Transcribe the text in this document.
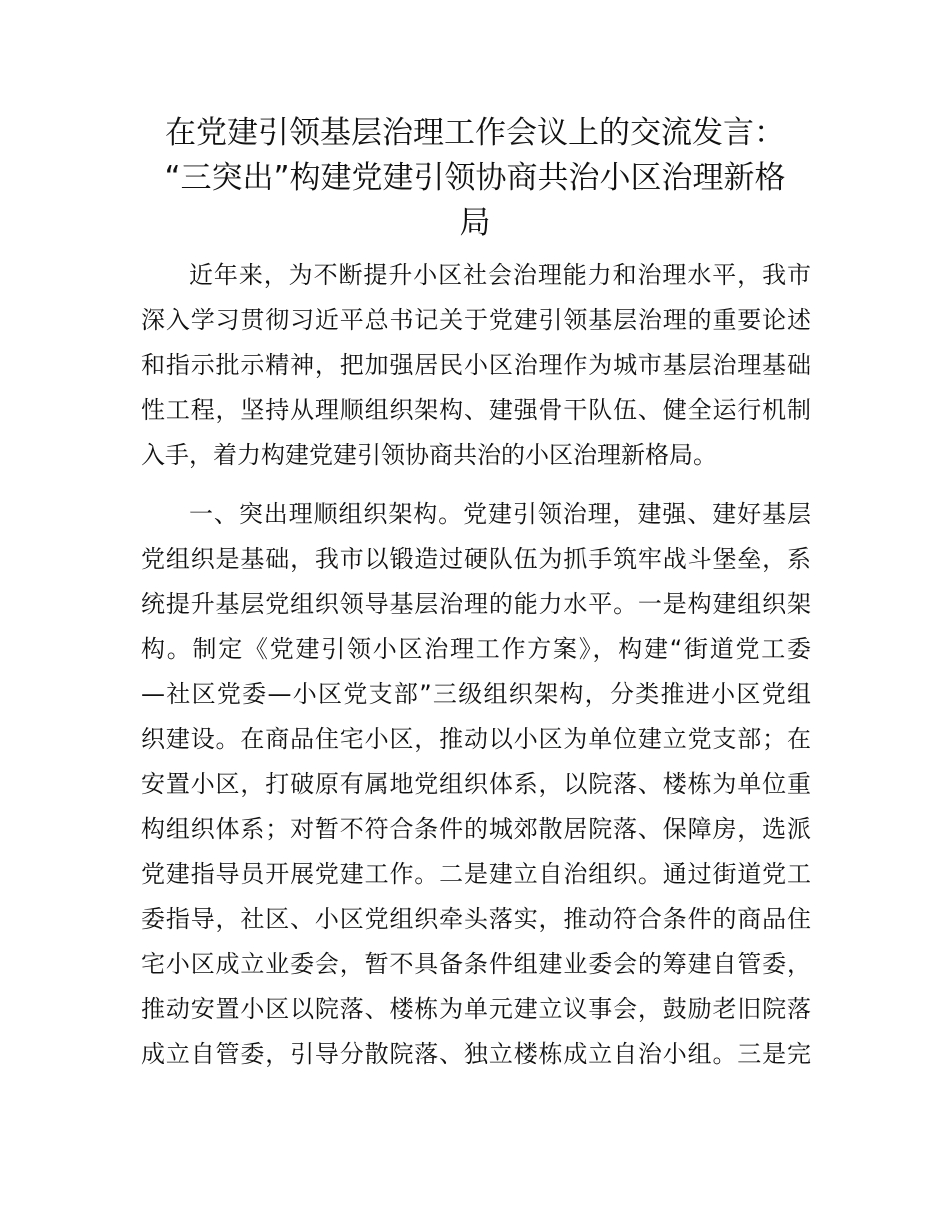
在党建引领基层治理工作会议上的交流发言：
“三突出”构建党建引领协商共治小区治理新格
局

近年来，为不断提升小区社会治理能力和治理水平，我市
深入学习贯彻习近平总书记关于党建引领基层治理的重要论述
和指示批示精神，把加强居民小区治理作为城市基层治理基础
性工程，坚持从理顺组织架构、建强骨干队伍、健全运行机制
入手，着力构建党建引领协商共治的小区治理新格局。

一、突出理顺组织架构。党建引领治理，建强、建好基层
党组织是基础，我市以锻造过硬队伍为抓手筑牢战斗堡垒，系
统提升基层党组织领导基层治理的能力水平。一是构建组织架
构。制定《党建引领小区治理工作方案》，构建“街道党工委
—社区党委—小区党支部”三级组织架构，分类推进小区党组
织建设。在商品住宅小区，推动以小区为单位建立党支部；在
安置小区，打破原有属地党组织体系，以院落、楼栋为单位重
构组织体系；对暂不符合条件的城郊散居院落、保障房，选派
党建指导员开展党建工作。二是建立自治组织。通过街道党工
委指导，社区、小区党组织牵头落实，推动符合条件的商品住
宅小区成立业委会，暂不具备条件组建业委会的筹建自管委，
推动安置小区以院落、楼栋为单元建立议事会，鼓励老旧院落
成立自管委，引导分散院落、独立楼栋成立自治小组。三是完
